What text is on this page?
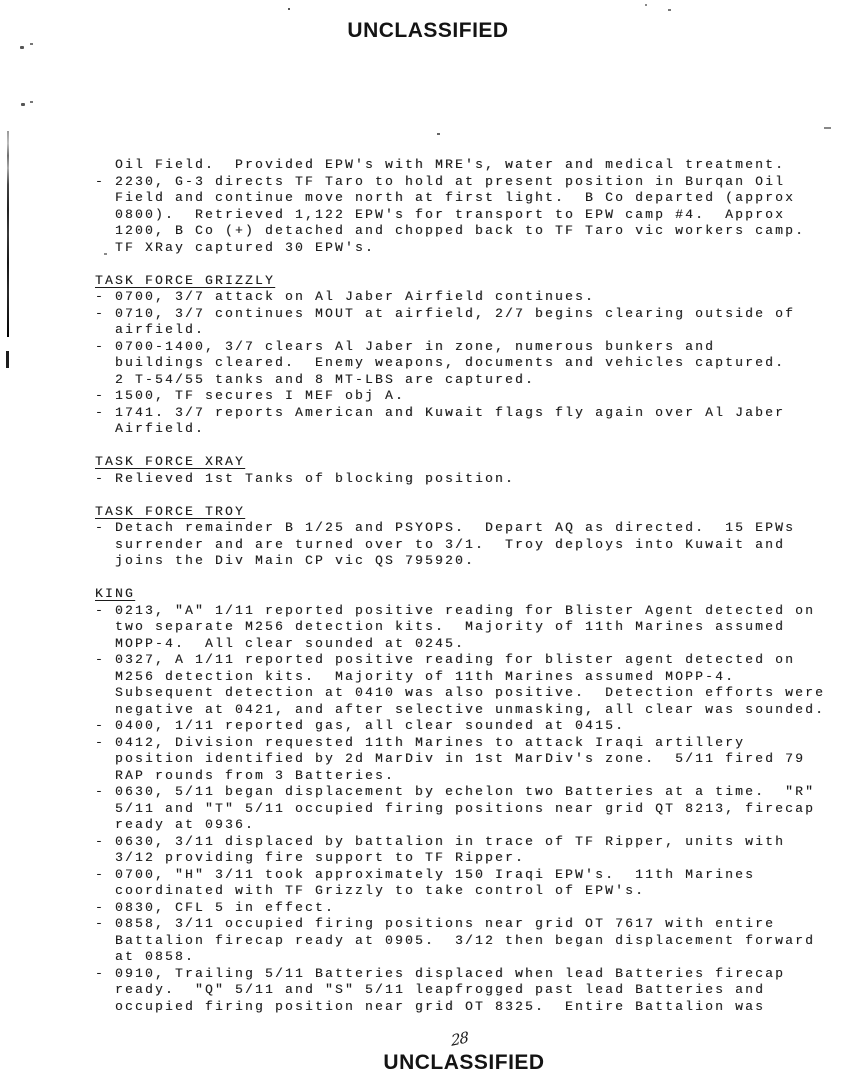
UNCLASSIFIED
Oil Field.  Provided EPW's with MRE's, water and medical treatment.
- 2230, G-3 directs TF Taro to hold at present position in Burqan Oil
Field and continue move north at first light.  B Co departed (approx
0800).  Retrieved 1,122 EPW's for transport to EPW camp #4.  Approx
1200, B Co (+) detached and chopped back to TF Taro vic workers camp.
TF XRay captured 30 EPW's.
TASK FORCE GRIZZLY
- 0700, 3/7 attack on Al Jaber Airfield continues.
- 0710, 3/7 continues MOUT at airfield, 2/7 begins clearing outside of
airfield.
- 0700-1400, 3/7 clears Al Jaber in zone, numerous bunkers and
buildings cleared.  Enemy weapons, documents and vehicles captured.
2 T-54/55 tanks and 8 MT-LBS are captured.
- 1500, TF secures I MEF obj A.
- 1741. 3/7 reports American and Kuwait flags fly again over Al Jaber
Airfield.
TASK FORCE XRAY
- Relieved 1st Tanks of blocking position.
TASK FORCE TROY
- Detach remainder B 1/25 and PSYOPS.  Depart AQ as directed.  15 EPWs
surrender and are turned over to 3/1.  Troy deploys into Kuwait and
joins the Div Main CP vic QS 795920.
KING
- 0213, "A" 1/11 reported positive reading for Blister Agent detected on
two separate M256 detection kits.  Majority of 11th Marines assumed
MOPP-4.  All clear sounded at 0245.
- 0327, A 1/11 reported positive reading for blister agent detected on
M256 detection kits.  Majority of 11th Marines assumed MOPP-4.
Subsequent detection at 0410 was also positive.  Detection efforts were
negative at 0421, and after selective unmasking, all clear was sounded.
- 0400, 1/11 reported gas, all clear sounded at 0415.
- 0412, Division requested 11th Marines to attack Iraqi artillery
position identified by 2d MarDiv in 1st MarDiv's zone.  5/11 fired 79
RAP rounds from 3 Batteries.
- 0630, 5/11 began displacement by echelon two Batteries at a time.  "R"
5/11 and "T" 5/11 occupied firing positions near grid QT 8213, firecap
ready at 0936.
- 0630, 3/11 displaced by battalion in trace of TF Ripper, units with
3/12 providing fire support to TF Ripper.
- 0700, "H" 3/11 took approximately 150 Iraqi EPW's.  11th Marines
coordinated with TF Grizzly to take control of EPW's.
- 0830, CFL 5 in effect.
- 0858, 3/11 occupied firing positions near grid OT 7617 with entire
Battalion firecap ready at 0905.  3/12 then began displacement forward
at 0858.
- 0910, Trailing 5/11 Batteries displaced when lead Batteries firecap
ready.  "Q" 5/11 and "S" 5/11 leapfrogged past lead Batteries and
occupied firing position near grid OT 8325.  Entire Battalion was
28
UNCLASSIFIED
